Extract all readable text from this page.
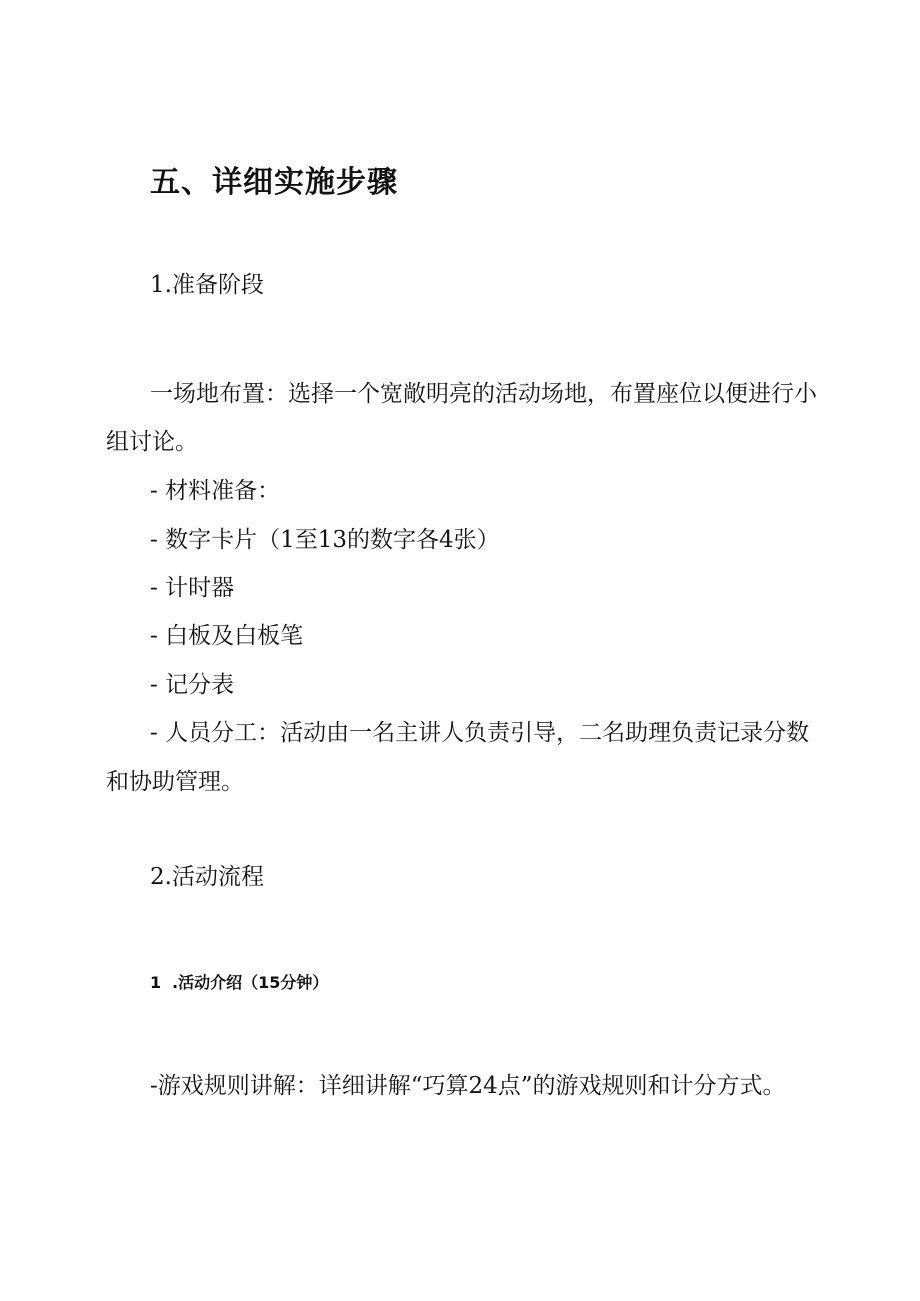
五、详细实施步骤
1.准备阶段
一场地布置：选择一个宽敞明亮的活动场地，布置座位以便进行小
组讨论。
- 材料准备：
- 数字卡片（1至13的数字各4张）
- 计时器
- 白板及白板笔
- 记分表
- 人员分工：活动由一名主讲人负责引导，二名助理负责记录分数
和协助管理。
2.活动流程
1 .活动介绍（15分钟）
-游戏规则讲解：详细讲解“巧算24点”的游戏规则和计分方式。
